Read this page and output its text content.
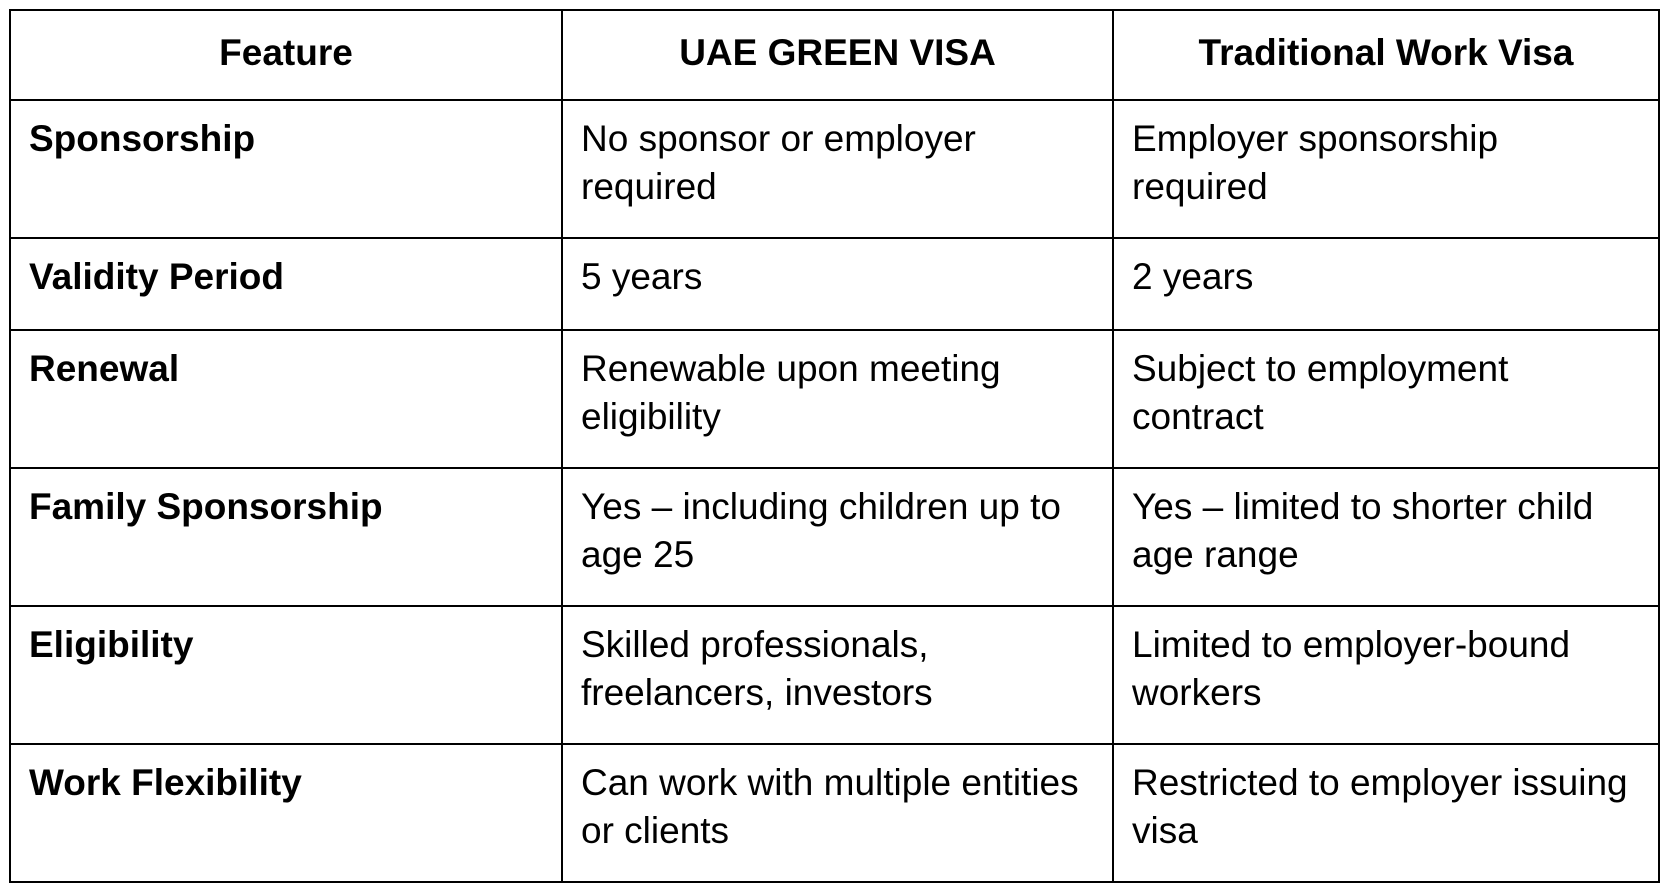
Feature	UAE GREEN VISA	Traditional Work Visa
Sponsorship	No sponsor or employer required	Employer sponsorship required
Validity Period	5 years	2 years
Renewal	Renewable upon meeting eligibility	Subject to employment contract
Family Sponsorship	Yes – including children up to age 25	Yes – limited to shorter child age range
Eligibility	Skilled professionals, freelancers, investors	Limited to employer-bound workers
Work Flexibility	Can work with multiple entities or clients	Restricted to employer issuing visa
